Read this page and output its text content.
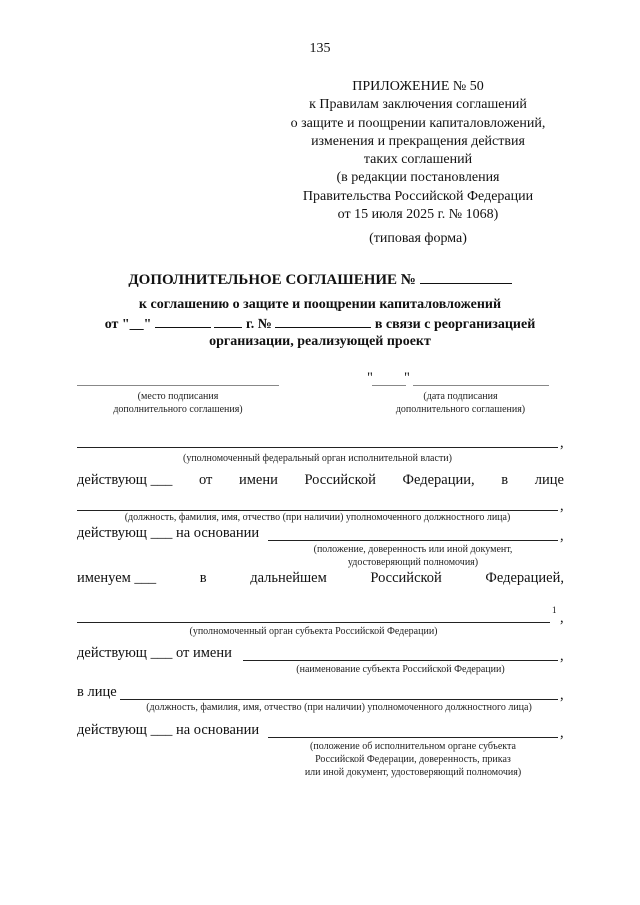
135
ПРИЛОЖЕНИЕ № 50
к Правилам заключения соглашений
о защите и поощрении капиталовложений,
изменения и прекращения действия
таких соглашений
(в редакции постановления
Правительства Российской Федерации
от 15 июля 2025 г. № 1068)
(типовая форма)
ДОПОЛНИТЕЛЬНОЕ СОГЛАШЕНИЕ №
к соглашению о защите и поощрении капиталовложений
от "__"	г. №	в связи с реорганизацией
организации, реализующей проект
(место подписания
дополнительного соглашения)
" "
(дата подписания
дополнительного соглашения)
,
(уполномоченный федеральный орган исполнительной власти)
действующ ___ от имени Российской Федерации, в лице
,
(должность, фамилия, имя, отчество (при наличии) уполномоченного должностного лица)
действующ ___ на основании	,
(положение, доверенность или иной документ,
удостоверяющий полномочия)
именуем ___	в	дальнейшем	Российской	Федерацией,
1 ,
(уполномоченный орган субъекта Российской Федерации)
действующ ___ от имени	,
(наименование субъекта Российской Федерации)
в лице	,
(должность, фамилия, имя, отчество (при наличии) уполномоченного должностного лица)
действующ ___ на основании	,
(положение об исполнительном органе субъекта
Российской Федерации, доверенность, приказ
или иной документ, удостоверяющий полномочия)
